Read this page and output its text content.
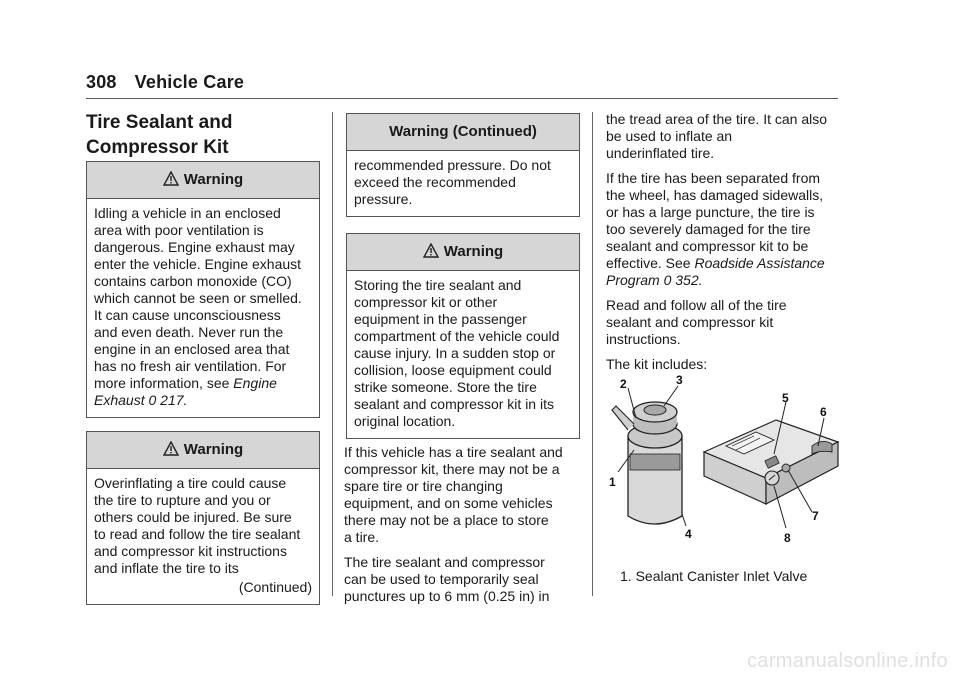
308 Vehicle Care
Tire Sealant and
Compressor Kit
Warning
Idling a vehicle in an enclosed
area with poor ventilation is
dangerous. Engine exhaust may
enter the vehicle. Engine exhaust
contains carbon monoxide (CO)
which cannot be seen or smelled.
It can cause unconsciousness
and even death. Never run the
engine in an enclosed area that
has no fresh air ventilation. For
more information, see Engine
Exhaust 0 217.
Warning
Overinflating a tire could cause
the tire to rupture and you or
others could be injured. Be sure
to read and follow the tire sealant
and compressor kit instructions
and inflate the tire to its
(Continued)
Warning (Continued)
recommended pressure. Do not
exceed the recommended
pressure.
Warning
Storing the tire sealant and
compressor kit or other
equipment in the passenger
compartment of the vehicle could
cause injury. In a sudden stop or
collision, loose equipment could
strike someone. Store the tire
sealant and compressor kit in its
original location.

If this vehicle has a tire sealant and
compressor kit, there may not be a
spare tire or tire changing
equipment, and on some vehicles
there may not be a place to store
a tire.

The tire sealant and compressor
can be used to temporarily seal
punctures up to 6 mm (0.25 in) in

the tread area of the tire. It can also
be used to inflate an
underinflated tire.

If the tire has been separated from
the wheel, has damaged sidewalls,
or has a large puncture, the tire is
too severely damaged for the tire
sealant and compressor kit to be
effective. See Roadside Assistance
Program 0 352.

Read and follow all of the tire
sealant and compressor kit
instructions.

The kit includes:

1
2	3
4
5
6
7
8
1. Sealant Canister Inlet Valve
carmanualsonline.info
